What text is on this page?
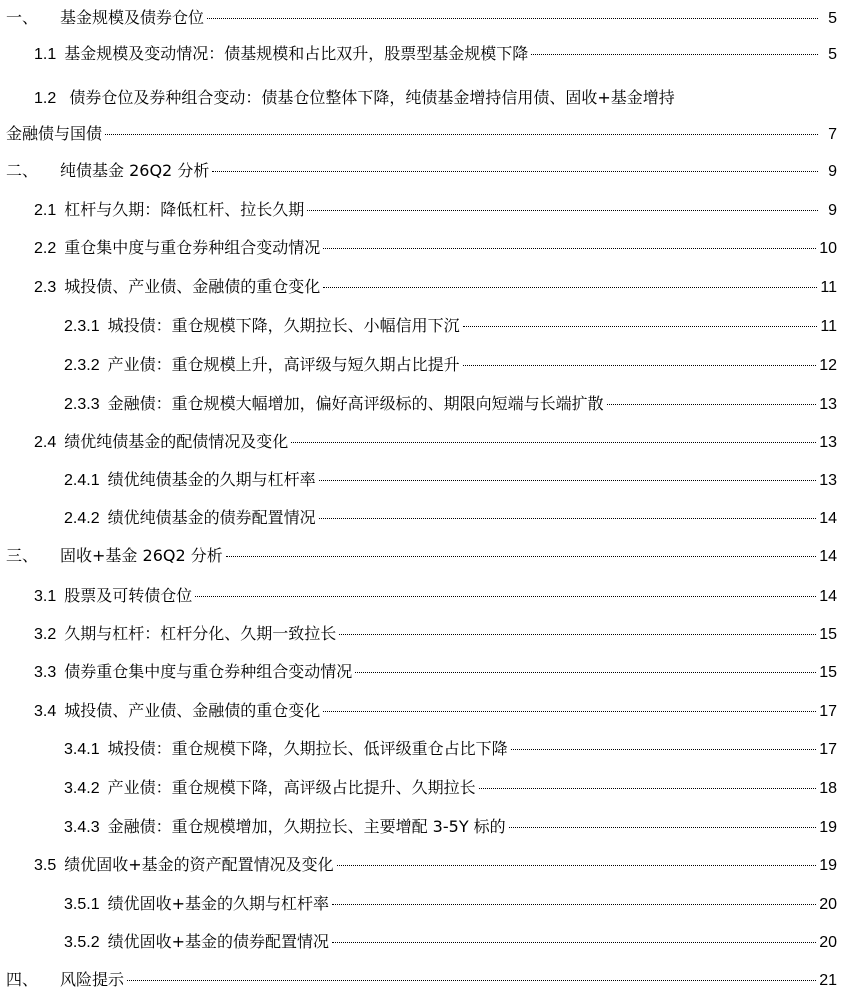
一、 基金规模及债券仓位	5
1.1 基金规模及变动情况：债基规模和占比双升，股票型基金规模下降	5
1.2 债券仓位及券种组合变动：债基仓位整体下降，纯债基金增持信用债、固收+基金增持
金融债与国债	7
二、 纯债基金 26Q2 分析	9
2.1 杠杆与久期：降低杠杆、拉长久期	9
2.2 重仓集中度与重仓券种组合变动情况	10
2.3 城投债、产业债、金融债的重仓变化	11
2.3.1 城投债：重仓规模下降，久期拉长、小幅信用下沉	11
2.3.2 产业债：重仓规模上升，高评级与短久期占比提升	12
2.3.3 金融债：重仓规模大幅增加，偏好高评级标的、期限向短端与长端扩散	13
2.4 绩优纯债基金的配债情况及变化	13
2.4.1 绩优纯债基金的久期与杠杆率	13
2.4.2 绩优纯债基金的债券配置情况	14
三、 固收+基金 26Q2 分析	14
3.1 股票及可转债仓位	14
3.2 久期与杠杆：杠杆分化、久期一致拉长	15
3.3 债券重仓集中度与重仓券种组合变动情况	15
3.4 城投债、产业债、金融债的重仓变化	17
3.4.1 城投债：重仓规模下降，久期拉长、低评级重仓占比下降	17
3.4.2 产业债：重仓规模下降，高评级占比提升、久期拉长	18
3.4.3 金融债：重仓规模增加，久期拉长、主要增配 3-5Y 标的	19
3.5 绩优固收+基金的资产配置情况及变化	19
3.5.1 绩优固收+基金的久期与杠杆率	20
3.5.2 绩优固收+基金的债券配置情况	20
四、 风险提示	21
